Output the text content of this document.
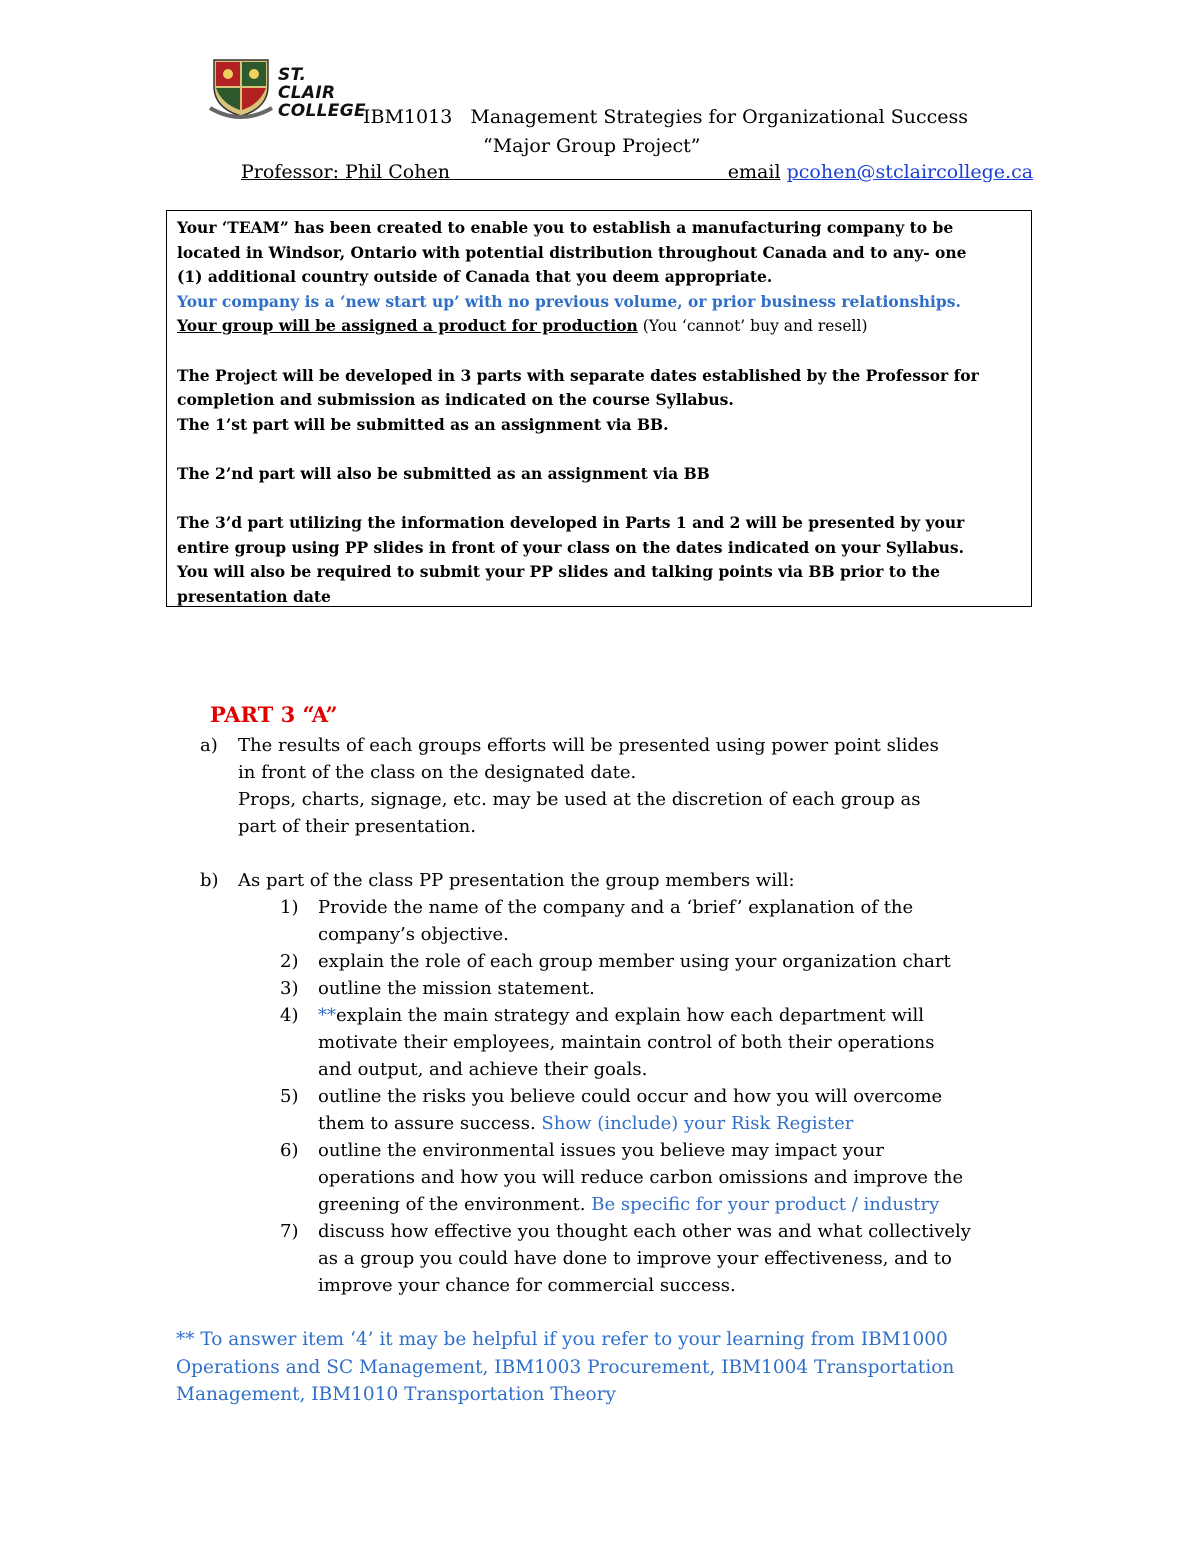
ST. CLAIR
COLLEGE
IBM1013 Management Strategies for Organizational Success
“Major Group Project”
Professor: Phil Cohen	email pcohen@stclaircollege.ca

Your ‘TEAM” has been created to enable you to establish a manufacturing company to be

located in Windsor, Ontario with potential distribution throughout Canada and to any- one

(1) additional country outside of Canada that you deem appropriate.

Your company is a ‘new start up’ with no previous volume, or prior business relationships.

Your group will be assigned a product for production (You ‘cannot’ buy and resell)

The Project will be developed in 3 parts with separate dates established by the Professor for

completion and submission as indicated on the course Syllabus.

The 1’st part will be submitted as an assignment via BB.

The 2’nd part will also be submitted as an assignment via BB

The 3’d part utilizing the information developed in Parts 1 and 2 will be presented by your

entire group using PP slides in front of your class on the dates indicated on your Syllabus.

You will also be required to submit your PP slides and talking points via BB prior to the

presentation date

PART 3 “A”
a)	The results of each groups efforts will be presented using power point slides

in front of the class on the designated date.

Props, charts, signage, etc. may be used at the discretion of each group as

part of their presentation.

b)	As part of the class PP presentation the group members will:

1)	Provide the name of the company and a ‘brief’ explanation of the

company’s objective.

2)	explain the role of each group member using your organization chart

3)	outline the mission statement.

4)	**explain the main strategy and explain how each department will

motivate their employees, maintain control of both their operations

and output, and achieve their goals.

5)	outline the risks you believe could occur and how you will overcome

them to assure success. Show (include) your Risk Register

6)	outline the environmental issues you believe may impact your

operations and how you will reduce carbon omissions and improve the

greening of the environment. Be specific for your product / industry

7)	discuss how effective you thought each other was and what collectively

as a group you could have done to improve your effectiveness, and to

improve your chance for commercial success.

** To answer item ‘4’ it may be helpful if you refer to your learning from IBM1000
Operations and SC Management, IBM1003 Procurement, IBM1004 Transportation
Management, IBM1010 Transportation Theory
